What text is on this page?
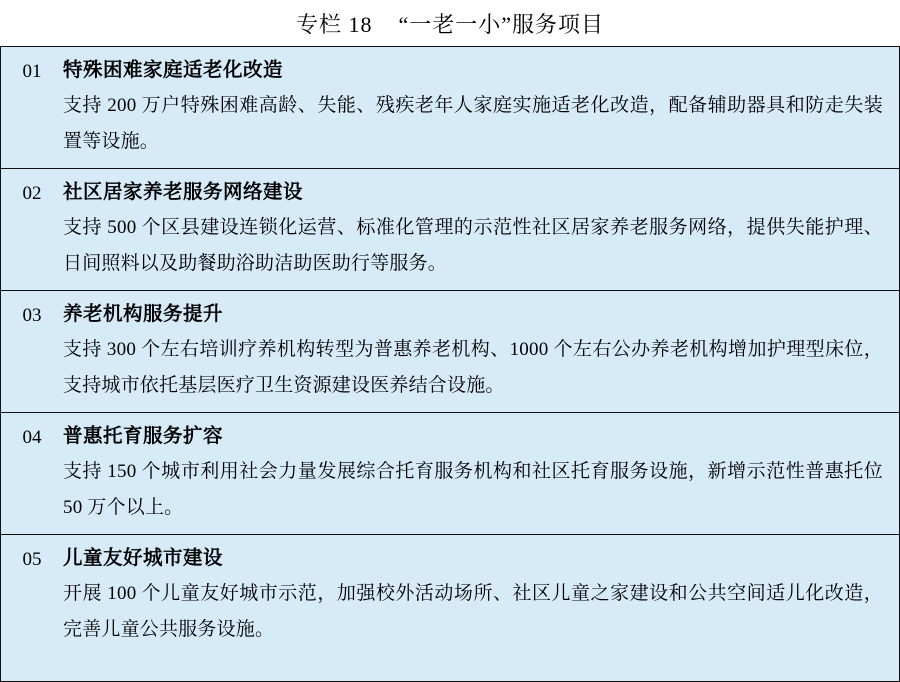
专栏 18    “一老一小”服务项目
01	特殊困难家庭适老化改造
支持 200 万户特殊困难高龄、失能、残疾老年人家庭实施适老化改造，配备辅助器具和防走失装置等设施。
02	社区居家养老服务网络建设
支持 500 个区县建设连锁化运营、标准化管理的示范性社区居家养老服务网络，提供失能护理、日间照料以及助餐助浴助洁助医助行等服务。
03	养老机构服务提升
支持 300 个左右培训疗养机构转型为普惠养老机构、1000 个左右公办养老机构增加护理型床位，支持城市依托基层医疗卫生资源建设医养结合设施。
04	普惠托育服务扩容
支持 150 个城市利用社会力量发展综合托育服务机构和社区托育服务设施，新增示范性普惠托位 50 万个以上。
05	儿童友好城市建设
开展 100 个儿童友好城市示范，加强校外活动场所、社区儿童之家建设和公共空间适儿化改造，完善儿童公共服务设施。
